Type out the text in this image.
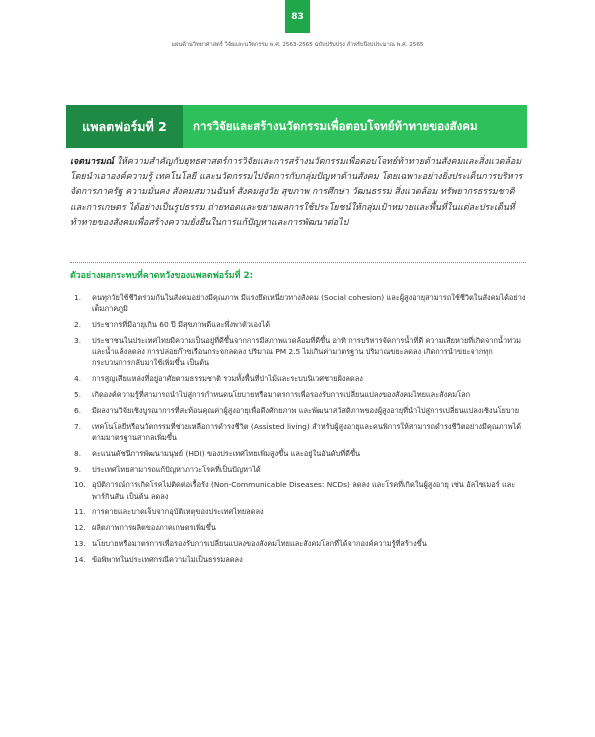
83
แผนด้านวิทยาศาสตร์ วิจัยและนวัตกรรม พ.ศ. 2563-2565 ฉบับปรับปรุง สำหรับปีงบประมาณ พ.ศ. 2565
แพลตฟอร์มที่ 2	การวิจัยและสร้างนวัตกรรมเพื่อตอบโจทย์ท้าทายของสังคม

เจตนารมณ์ ให้ความสำคัญกับยุทธศาสตร์การวิจัยและการสร้างนวัตกรรมเพื่อตอบโจทย์ท้าทายด้านสังคมและสิ่งแวดล้อม โดยนำเอาองค์ความรู้ เทคโนโลยี และนวัตกรรมไปจัดการกับกลุ่มปัญหาด้านสังคม โดยเฉพาะอย่างยิ่งประเด็นการบริหารจัดการภาครัฐ ความมั่นคง สังคมสมานฉันท์ สังคมสูงวัย สุขภาพ การศึกษา วัฒนธรรม สิ่งแวดล้อม ทรัพยากรธรรมชาติและการเกษตร ได้อย่างเป็นรูปธรรม ถ่ายทอดและขยายผลการใช้ประโยชน์ให้กลุ่มเป้าหมายและพื้นที่ในแต่ละประเด็นที่ท้าทายของสังคมเพื่อสร้างความยั่งยืนในการแก้ปัญหาและการพัฒนาต่อไป

ตัวอย่างผลกระทบที่คาดหวังของแพลตฟอร์มที่ 2:
1.	คนทุกวัยใช้ชีวิตร่วมกันในสังคมอย่างมีคุณภาพ มีแรงยึดเหนี่ยวทางสังคม (Social cohesion) และผู้สูงอายุสามารถใช้ชีวิตในสังคมได้อย่างเต็มภาคภูมิ
2.	ประชากรที่มีอายุเกิน 60 ปี มีสุขภาพดีและพึ่งพาตัวเองได้
3.	ประชาชนในประเทศไทยมีความเป็นอยู่ที่ดีขึ้นจากการมีสภาพแวดล้อมที่ดีขึ้น อาทิ การบริหารจัดการน้ำที่ดี ความเสียหายที่เกิดจากน้ำท่วมและน้ำแล้งลดลง การปล่อยก๊าซเรือนกระจกลดลง ปริมาณ PM 2.5 ไม่เกินค่ามาตรฐาน ปริมาณขยะลดลง เกิดการนำขยะจากทุกกระบวนการกลับมาใช้เพิ่มขึ้น เป็นต้น
4.	การสูญเสียแหล่งที่อยู่อาศัยตามธรรมชาติ รวมทั้งพื้นที่ป่าไม้และระบบนิเวศชายฝั่งลดลง
5.	เกิดองค์ความรู้ที่สามารถนำไปสู่การกำหนดนโยบายหรือมาตรการเพื่อรองรับการเปลี่ยนแปลงของสังคมไทยและสังคมโลก
6.	มีผลงานวิจัยเชิงบูรณาการที่สะท้อนคุณค่าผู้สูงอายุเพื่อดึงศักยภาพ และพัฒนาสวัสดิภาพของผู้สูงอายุที่นำไปสู่การเปลี่ยนแปลงเชิงนโยบาย
7.	เทคโนโลยีหรือนวัตกรรมที่ช่วยเหลือการดำรงชีวิต (Assisted living) สำหรับผู้สูงอายุและคนพิการให้สามารถดำรงชีวิตอย่างมีคุณภาพได้ตามมาตรฐานสากลเพิ่มขึ้น
8.	คะแนนดัชนีการพัฒนามนุษย์ (HDI) ของประเทศไทยเพิ่มสูงขึ้น และอยู่ในอันดับที่ดีขึ้น
9.	ประเทศไทยสามารถแก้ปัญหาภาวะโรคที่เป็นปัญหาได้
10. อุบัติการณ์การเกิดโรคไม่ติดต่อเรื้อรัง (Non-Communicable Diseases: NCDs) ลดลง และโรคที่เกิดในผู้สูงอายุ เช่น อัลไซเมอร์ และพาร์กินสัน เป็นต้น ลดลง
11. การตายและบาดเจ็บจากอุบัติเหตุของประเทศไทยลดลง
12. ผลิตภาพการผลิตของภาคเกษตรเพิ่มขึ้น
13. นโยบายหรือมาตรการเพื่อรองรับการเปลี่ยนแปลงของสังคมไทยและสังคมโลกที่ได้จากองค์ความรู้ที่สร้างขึ้น
14. ข้อพิพาทในประเทศกรณีความไม่เป็นธรรมลดลง
